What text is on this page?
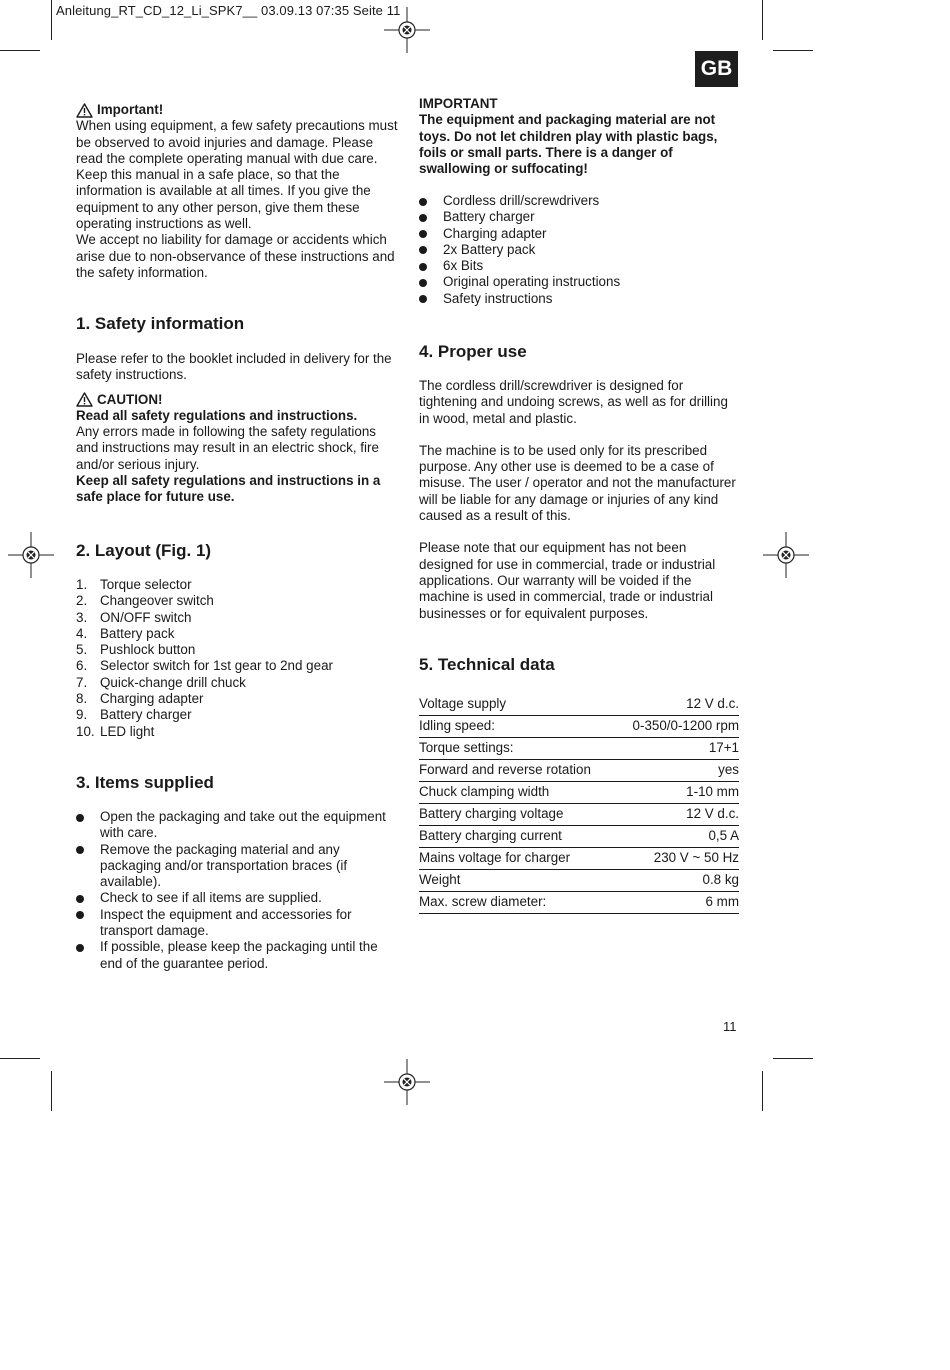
Anleitung_RT_CD_12_Li_SPK7__ 03.09.13 07:35 Seite 11
GB
Important!

When using equipment, a few safety precautions must be observed to avoid injuries and damage. Please read the complete operating manual with due care. Keep this manual in a safe place, so that the information is available at all times. If you give the equipment to any other person, give them these operating instructions as well.

We accept no liability for damage or accidents which arise due to non-observance of these instructions and the safety information.

1. Safety information

Please refer to the booklet included in delivery for the safety instructions.

CAUTION!

Read all safety regulations and instructions.

Any errors made in following the safety regulations and instructions may result in an electric shock, fire and/or serious injury.

Keep all safety regulations and instructions in a safe place for future use.

2. Layout (Fig. 1)
1. Torque selector
2. Changeover switch
3. ON/OFF switch
4. Battery pack
5. Pushlock button
6. Selector switch for 1st gear to 2nd gear
7. Quick-change drill chuck
8. Charging adapter
9. Battery charger
10. LED light
3. Items supplied
Open the packaging and take out the equipment with care.
Remove the packaging material and any packaging and/or transportation braces (if available).
Check to see if all items are supplied.
Inspect the equipment and accessories for transport damage.
If possible, please keep the packaging until the end of the guarantee period.

IMPORTANT

The equipment and packaging material are not toys. Do not let children play with plastic bags, foils or small parts. There is a danger of swallowing or suffocating!

Cordless drill/screwdrivers
Battery charger
Charging adapter
2x Battery pack
6x Bits
Original operating instructions
Safety instructions
4. Proper use

The cordless drill/screwdriver is designed for tightening and undoing screws, as well as for drilling in wood, metal and plastic.

The machine is to be used only for its prescribed purpose. Any other use is deemed to be a case of misuse. The user / operator and not the manufacturer will be liable for any damage or injuries of any kind caused as a result of this.

Please note that our equipment has not been designed for use in commercial, trade or industrial applications. Our warranty will be voided if the machine is used in commercial, trade or industrial businesses or for equivalent purposes.

5. Technical data
Voltage supply	12 V d.c.
Idling speed:	0-350/0-1200 rpm
Torque settings:	17+1
Forward and reverse rotation	yes
Chuck clamping width	1-10 mm
Battery charging voltage	12 V d.c.
Battery charging current	0,5 A
Mains voltage for charger	230 V ~ 50 Hz
Weight	0.8 kg
Max. screw diameter:	6 mm
11
